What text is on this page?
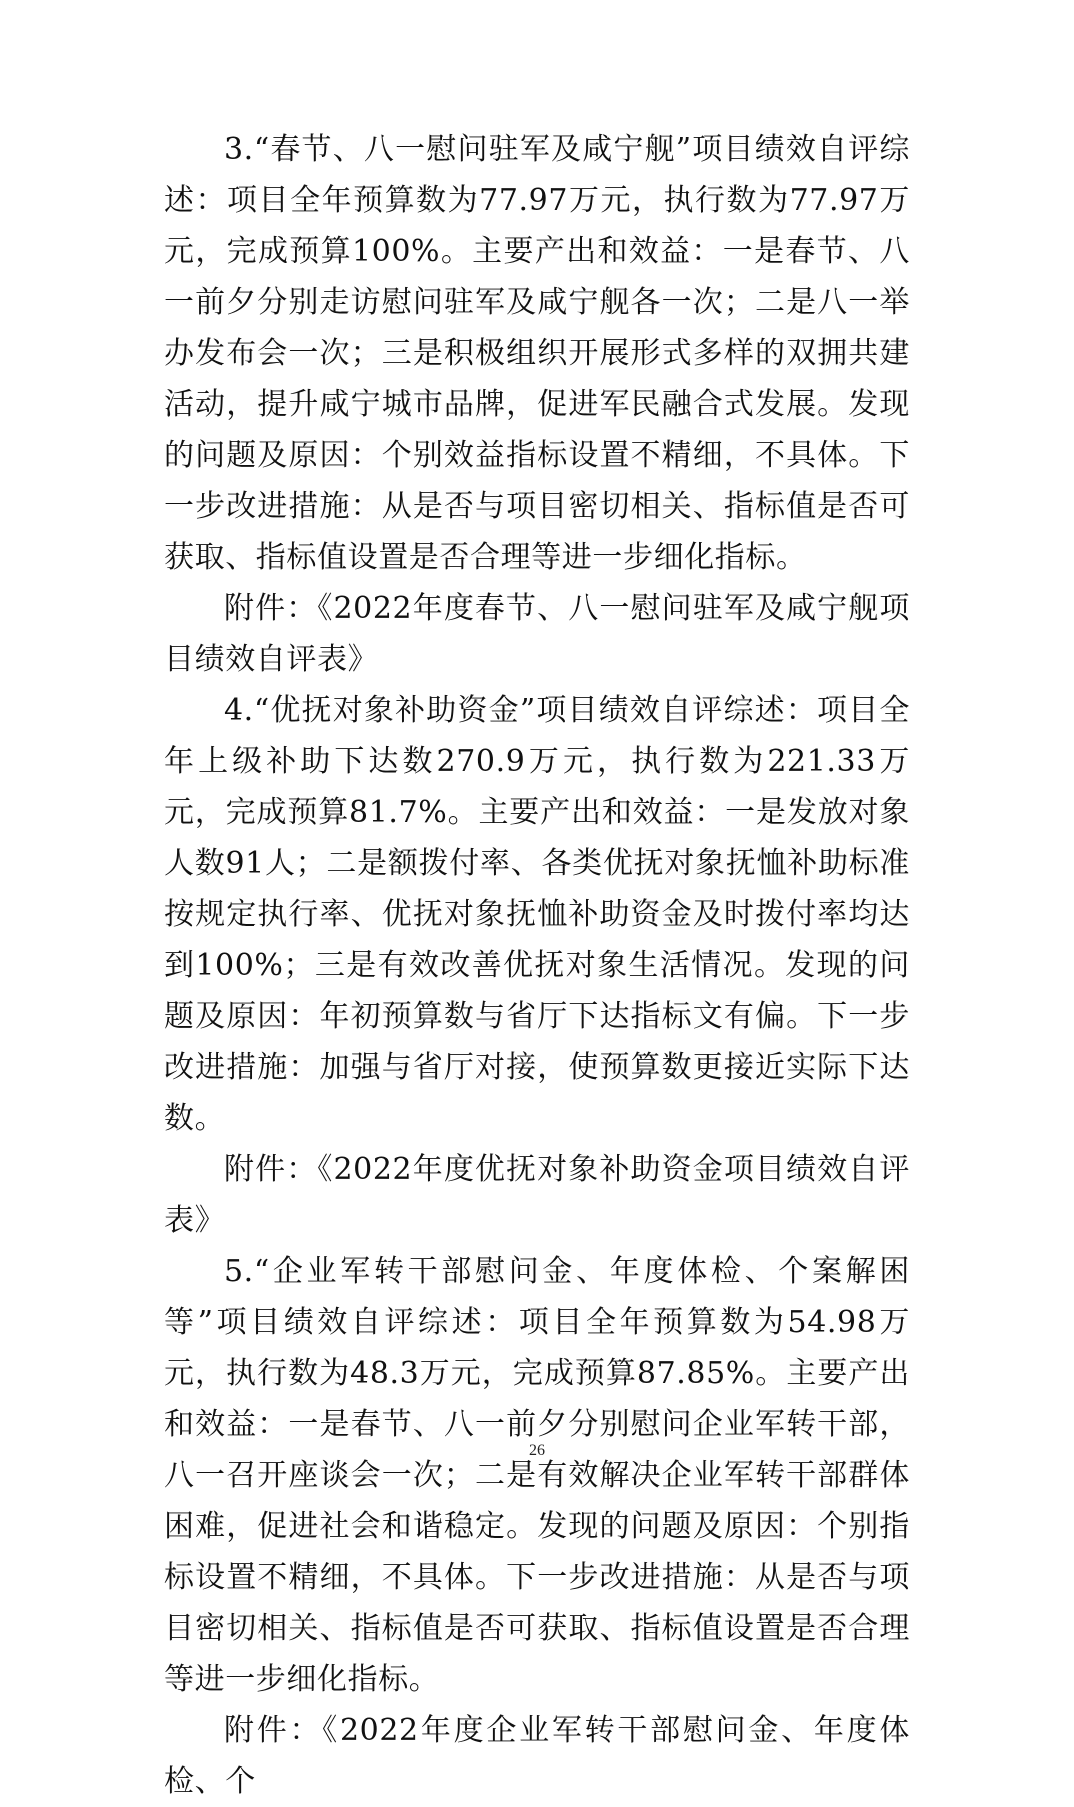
3.“春节、八一慰问驻军及咸宁舰”项目绩效自评综述：项目全年预算数为77.97万元，执行数为77.97万元，完成预算100%。主要产出和效益：一是春节、八一前夕分别走访慰问驻军及咸宁舰各一次；二是八一举办发布会一次；三是积极组织开展形式多样的双拥共建活动，提升咸宁城市品牌，促进军民融合式发展。发现的问题及原因：个别效益指标设置不精细，不具体。下一步改进措施：从是否与项目密切相关、指标值是否可获取、指标值设置是否合理等进一步细化指标。

附件：《2022年度春节、八一慰问驻军及咸宁舰项目绩效自评表》

4.“优抚对象补助资金”项目绩效自评综述：项目全年上级补助下达数270.9万元，执行数为221.33万元，完成预算81.7%。主要产出和效益：一是发放对象人数91人；二是额拨付率、各类优抚对象抚恤补助标准按规定执行率、优抚对象抚恤补助资金及时拨付率均达到100%；三是有效改善优抚对象生活情况。发现的问题及原因：年初预算数与省厅下达指标文有偏。下一步改进措施：加强与省厅对接，使预算数更接近实际下达数。

附件：《2022年度优抚对象补助资金项目绩效自评表》

5.“企业军转干部慰问金、年度体检、个案解困等”项目绩效自评综述：项目全年预算数为54.98万元，执行数为48.3万元，完成预算87.85%。主要产出和效益：一是春节、八一前夕分别慰问企业军转干部，八一召开座谈会一次；二是有效解决企业军转干部群体困难，促进社会和谐稳定。发现的问题及原因：个别指标设置不精细，不具体。下一步改进措施：从是否与项目密切相关、指标值是否可获取、指标值设置是否合理等进一步细化指标。

附件：《2022年度企业军转干部慰问金、年度体检、个

26
